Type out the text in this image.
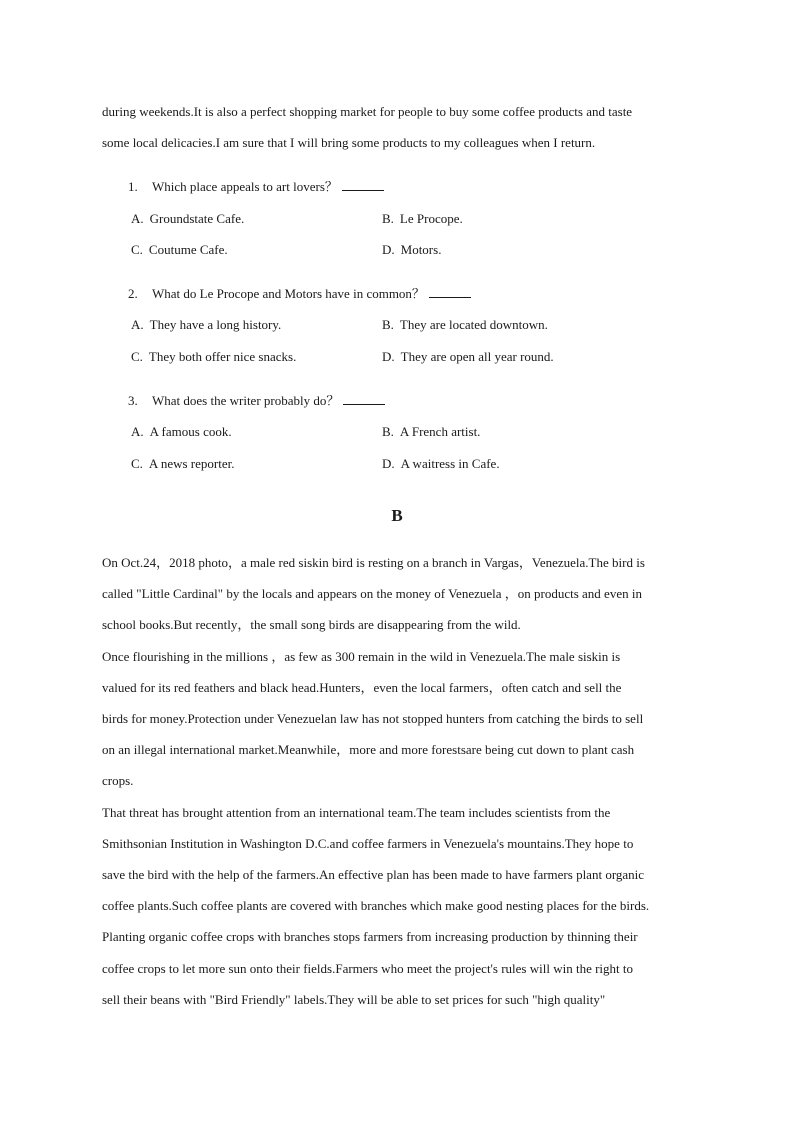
during weekends.It is also a perfect shopping market for people to buy some coffee products and taste
some local delicacies.I am sure that I will bring some products to my colleagues when I return.
1. Which place appeals to art lovers？
A. Groundstate Cafe.	B. Le Procope.
C. Coutume Cafe.	D. Motors.
2. What do Le Procope and Motors have in common？
A. They have a long history.	B. They are located downtown.
C. They both offer nice snacks.	D. They are open all year round.
3. What does the writer probably do？
A. A famous cook.	B. A French artist.
C. A news reporter.	D. A waitress in Cafe.
B
On Oct.24，2018 photo，a male red siskin bird is resting on a branch in Vargas，Venezuela.The bird is
called "Little Cardinal" by the locals and appears on the money of Venezuela ，on products and even in
school books.But recently，the small song birds are disappearing from the wild.
Once flourishing in the millions ，as few as 300 remain in the wild in Venezuela.The male siskin is
valued for its red feathers and black head.Hunters，even the local farmers，often catch and sell the
birds for money.Protection under Venezuelan law has not stopped hunters from catching the birds to sell
on an illegal international market.Meanwhile，more and more forestsare being cut down to plant cash
crops.
That threat has brought attention from an international team.The team includes scientists from the
Smithsonian Institution in Washington D.C.and coffee farmers in Venezuela's mountains.They hope to
save the bird with the help of the farmers.An effective plan has been made to have farmers plant organic
coffee plants.Such coffee plants are covered with branches which make good nesting places for the birds.
Planting organic coffee crops with branches stops farmers from increasing production by thinning their
coffee crops to let more sun onto their fields.Farmers who meet the project's rules will win the right to
sell their beans with "Bird Friendly" labels.They will be able to set prices for such "high quality"
